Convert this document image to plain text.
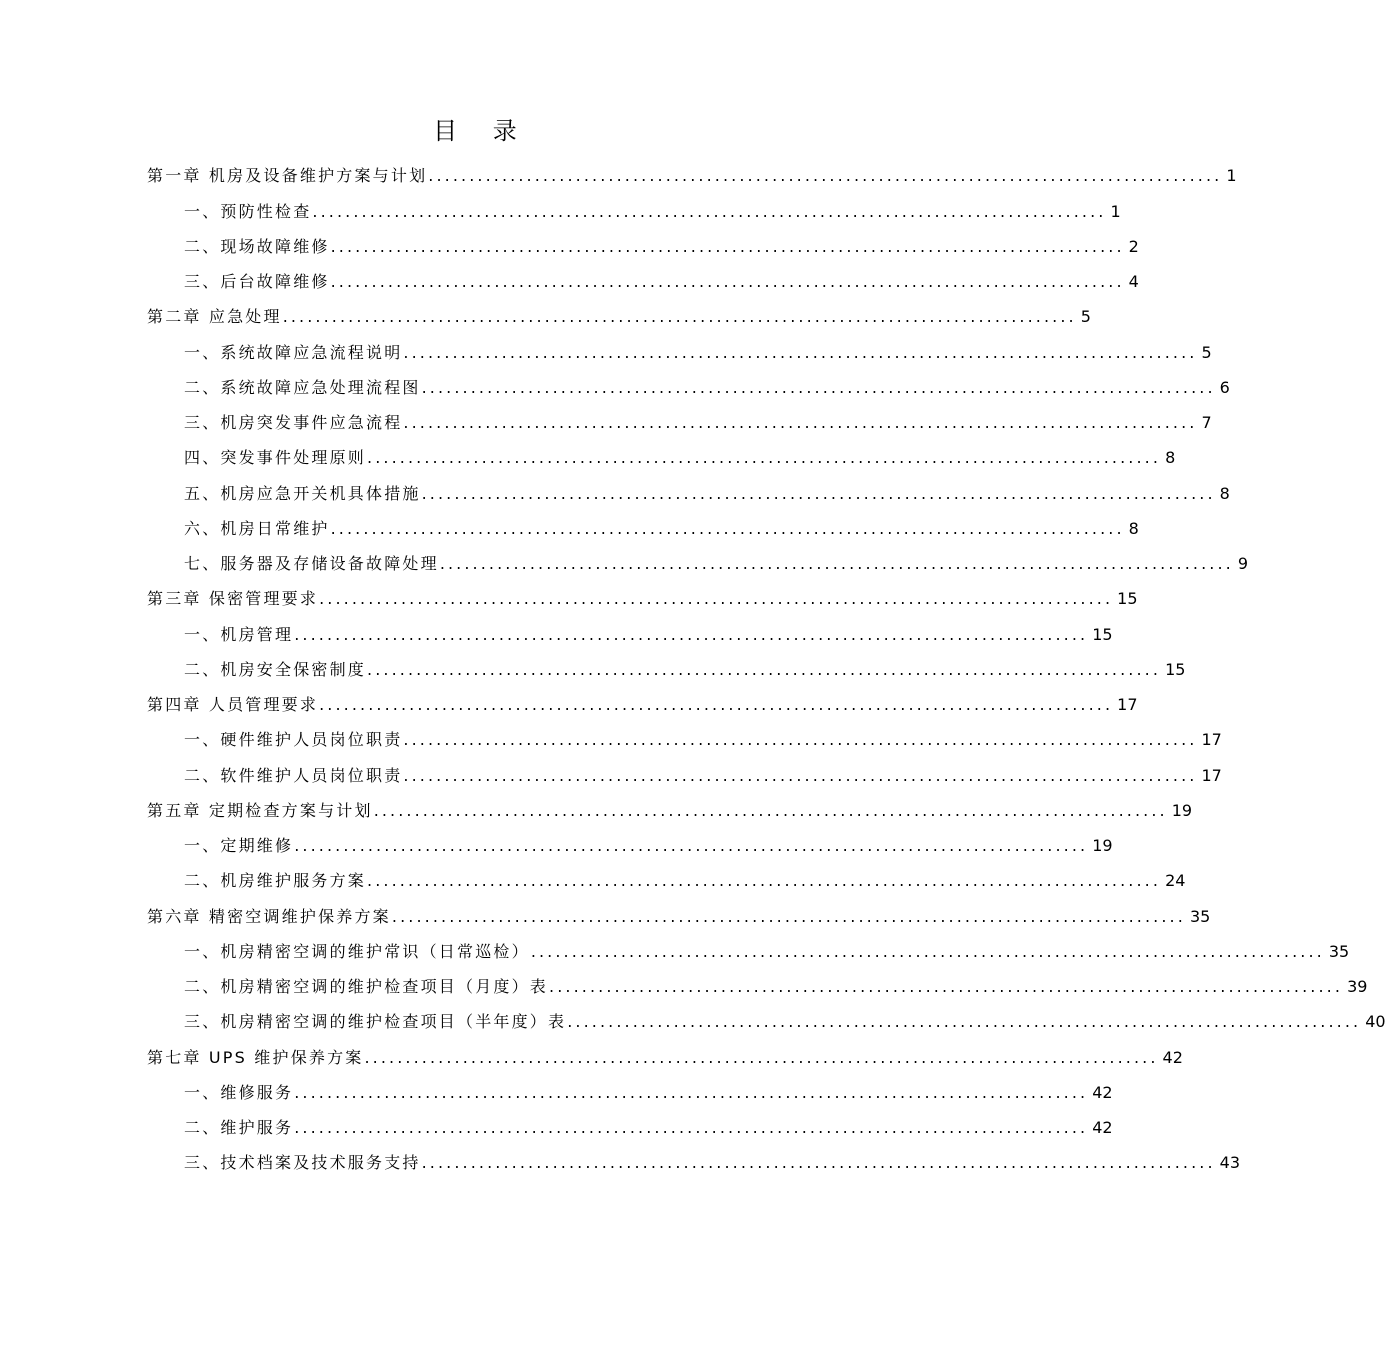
目 录
第一章 机房及设备维护方案与计划 ................................................................................................. 1
一、预防性检查 ................................................................................................. 1
二、现场故障维修 ................................................................................................. 2
三、后台故障维修 ................................................................................................. 4
第二章 应急处理 ................................................................................................. 5
一、系统故障应急流程说明 ................................................................................................. 5
二、系统故障应急处理流程图 ................................................................................................. 6
三、机房突发事件应急流程 ................................................................................................. 7
四、突发事件处理原则 ................................................................................................. 8
五、机房应急开关机具体措施 ................................................................................................. 8
六、机房日常维护 ................................................................................................. 8
七、服务器及存储设备故障处理 ................................................................................................. 9
第三章 保密管理要求 ................................................................................................. 15
一、机房管理 ................................................................................................. 15
二、机房安全保密制度 ................................................................................................. 15
第四章 人员管理要求 ................................................................................................. 17
一、硬件维护人员岗位职责 ................................................................................................. 17
二、软件维护人员岗位职责 ................................................................................................. 17
第五章 定期检查方案与计划 ................................................................................................. 19
一、定期维修 ................................................................................................. 19
二、机房维护服务方案 ................................................................................................. 24
第六章 精密空调维护保养方案 ................................................................................................. 35
一、机房精密空调的维护常识（日常巡检） ................................................................................................. 35
二、机房精密空调的维护检查项目（月度）表 ................................................................................................. 39
三、机房精密空调的维护检查项目（半年度）表 ................................................................................................. 40
第七章 UPS 维护保养方案 ................................................................................................. 42
一、维修服务 ................................................................................................. 42
二、维护服务 ................................................................................................. 42
三、技术档案及技术服务支持 ................................................................................................. 43
